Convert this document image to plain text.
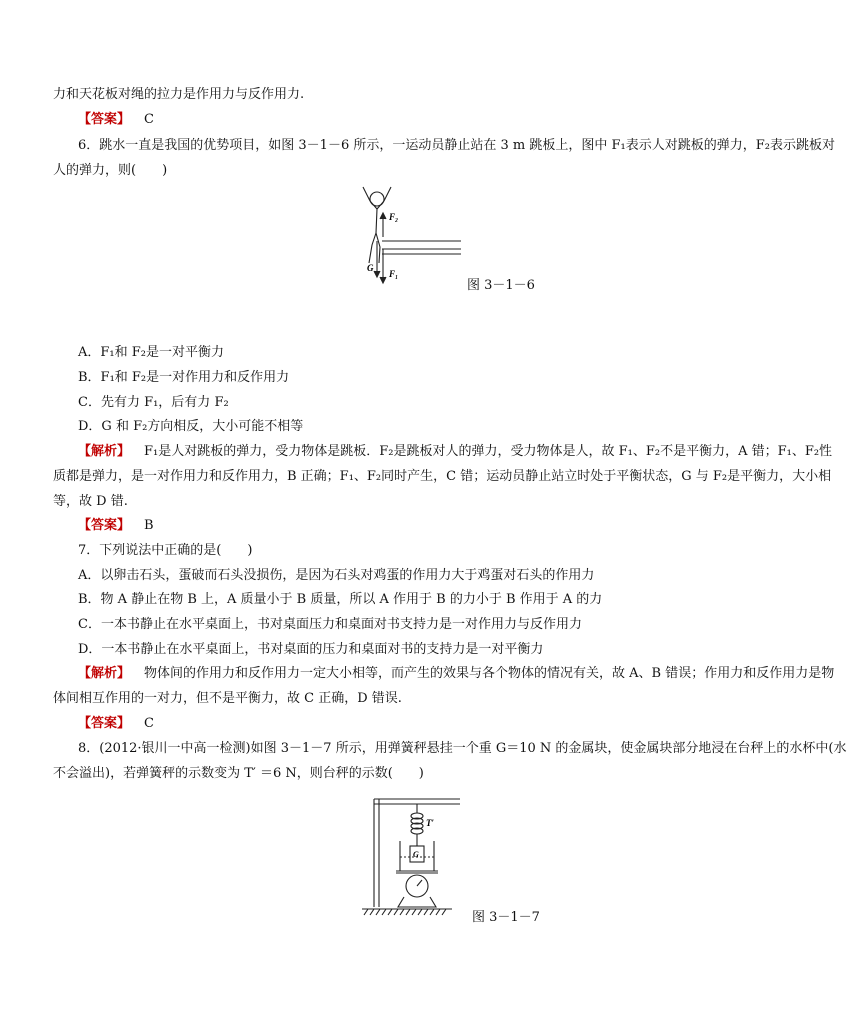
力和天花板对绳的拉力是作用力与反作用力.
【答案】 C
6．跳水一直是我国的优势项目，如图 3－1－6 所示，一运动员静止站在 3 m 跳板上，图中 F₁表示人对跳板的弹力，F₂表示跳板对
人的弹力，则(　　)
F₂
G
F₁
图 3－1－6
A．F₁和 F₂是一对平衡力
B．F₁和 F₂是一对作用力和反作用力
C．先有力 F₁，后有力 F₂
D．G 和 F₂方向相反，大小可能不相等
【解析】 F₁是人对跳板的弹力，受力物体是跳板．F₂是跳板对人的弹力，受力物体是人，故 F₁、F₂不是平衡力，A 错；F₁、F₂性
质都是弹力，是一对作用力和反作用力，B 正确；F₁、F₂同时产生，C 错；运动员静止站立时处于平衡状态，G 与 F₂是平衡力，大小相
等，故 D 错.
【答案】 B
7．下列说法中正确的是(　　)
A．以卵击石头，蛋破而石头没损伤，是因为石头对鸡蛋的作用力大于鸡蛋对石头的作用力
B．物 A 静止在物 B 上，A 质量小于 B 质量，所以 A 作用于 B 的力小于 B 作用于 A 的力
C．一本书静止在水平桌面上，书对桌面压力和桌面对书支持力是一对作用力与反作用力
D．一本书静止在水平桌面上，书对桌面的压力和桌面对书的支持力是一对平衡力
【解析】 物体间的作用力和反作用力一定大小相等，而产生的效果与各个物体的情况有关，故 A、B 错误；作用力和反作用力是物
体间相互作用的一对力，但不是平衡力，故 C 正确，D 错误.
【答案】 C
8．(2012·银川一中高一检测)如图 3－1－7 所示，用弹簧秤悬挂一个重 G＝10 N 的金属块，使金属块部分地浸在台秤上的水杯中(水
不会溢出)，若弹簧秤的示数变为 T′ ＝6 N，则台秤的示数(　　)
T′
G
图 3－1－7
